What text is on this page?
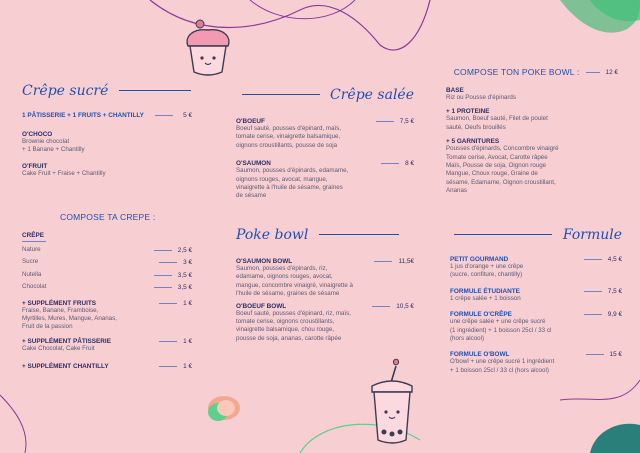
Crêpe sucré
1 PÂTISSERIE + 1 FRUITS + CHANTILLY	5 €
O'CHOCO
Brownie chocolat
+ 1 Banane + Chantilly
O'FRUIT
Cake Fruit + Fraise + Chantilly
COMPOSE TA CREPE :
CRÊPE
Nature	2,5 €
Sucre	3 €
Nutella	3,5 €
Chocolat	3,5 €
+ SUPPLÉMENT FRUITS	1 €
Fraise, Banane, Framboise,
Myrtilles, Mures, Mangue, Ananas,
Fruit de la passion
+ SUPPLÉMENT PÂTISSERIE	1 €
Cake Chocolat, Cake Fruit
+ SUPPLÉMENT CHANTILLY	1 €
Crêpe salée
O'BOEUF	7,5 €
Boeuf sauté, pousses d'épinard, maïs,
tomate cerise, vinaigrette balsamique,
oignons croustillants, pousse de soja
O'SAUMON	8 €
Saumon, pousses d'épinards, edamame,
oignons rouges, avocat, mangue,
vinaigrette à l'huile de sésame, graines
de sésame
Poke bowl
O'SAUMON BOWL	11,5€
Saumon, pousses d'épinards, riz,
edamame, oignons rouges, avocat,
mangue, concombre vinaigré, vinaigrette à
l'huile de sésame, graines de sésame
O'BOEUF BOWL	10,5 €
Boeuf sauté, pousses d'épinard, riz, maïs,
tomate cerise, oignons croustillants,
vinaigrette balsamique, chou rouge,
pousse de soja, ananas, carotte râpée
COMPOSE TON POKE BOWL :	12 €
BASE
Riz ou Pousse d'épinards
+ 1 PROTEINE
Saumon, Boeuf sauté, Filet de poulet
sauté, Oeufs brouillés
+ 5 GARNITURES
Pousses d'épinards, Concombre vinaigré
Tomate cerise, Avocat, Carotte râpée
Maïs, Pousse de soja, Oignon rouge
Mangue, Choux rouge, Graine de
sésame, Edamame, Oignon croustillant,
Ananas
Formule
PETIT GOURMAND	4,5 €
1 jus d'orange + une crêpe
(sucre, confiture, chantilly)
FORMULE ÉTUDIANTE	7,5 €
1 crêpe salée + 1 boisson
FORMULE O'CRÊPE	9,9 €
une crêpe salée + une crêpe sucré
(1 ingrédient) + 1 boisson 25cl / 33 cl
(hors alcool)
FORMULE O'BOWL	15 €
O'bowl + une crêpe sucré 1 ingrédient
+ 1 boisson 25cl / 33 cl (hors alcool)
